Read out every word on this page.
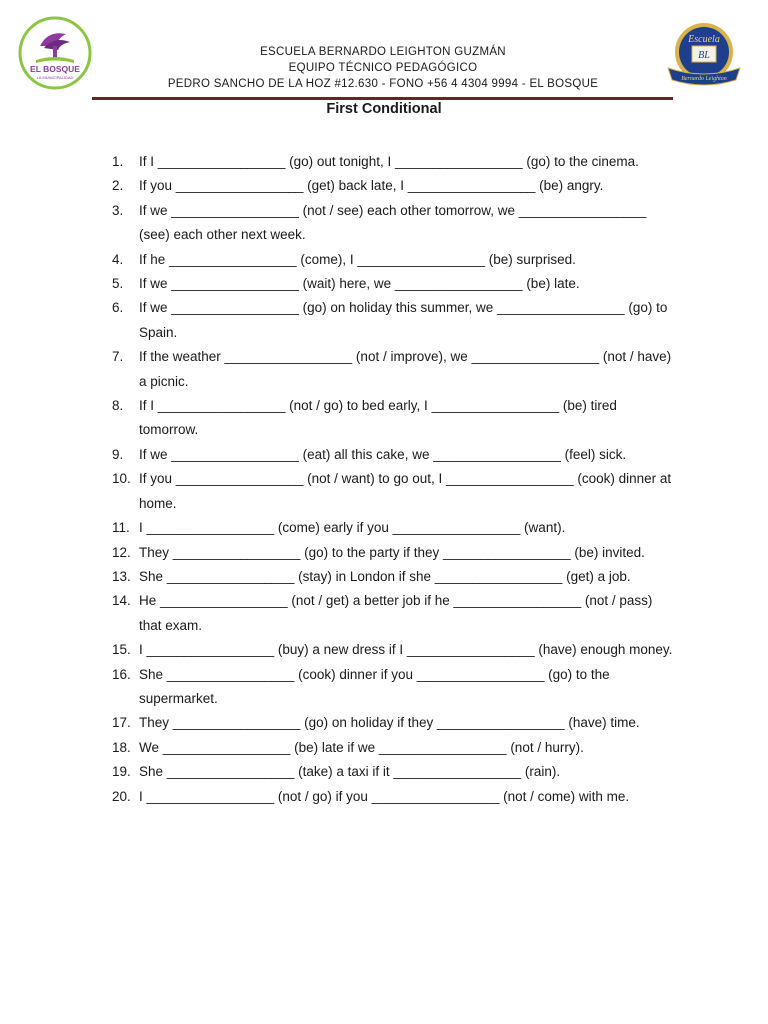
EL BOSQUE
LA MUNICIPALIDAD
ESCUELA BERNARDO LEIGHTON GUZMÁN
EQUIPO TÉCNICO PEDAGÓGICO
PEDRO SANCHO DE LA HOZ #12.630 - FONO +56 4 4304 9994 - EL BOSQUE
Escuela
BL
Bernardo Leighton
First Conditional
1.	If I _________________ (go) out tonight, I _________________ (go) to the cinema.
2.	If you _________________ (get) back late, I _________________ (be) angry.
3.	If we _________________ (not / see) each other tomorrow, we _________________ (see) each other next week.
4.	If he _________________ (come), I _________________ (be) surprised.
5.	If we _________________ (wait) here, we _________________ (be) late.
6.	If we _________________ (go) on holiday this summer, we _________________ (go) to Spain.
7.	If the weather _________________ (not / improve), we _________________ (not / have) a picnic.
8.	If I _________________ (not / go) to bed early, I _________________ (be) tired tomorrow.
9.	If we _________________ (eat) all this cake, we _________________ (feel) sick.
10. If you _________________ (not / want) to go out, I _________________ (cook) dinner at home.
11. I _________________ (come) early if you _________________ (want).
12. They _________________ (go) to the party if they _________________ (be) invited.
13. She _________________ (stay) in London if she _________________ (get) a job.
14. He _________________ (not / get) a better job if he _________________ (not / pass) that exam.
15. I _________________ (buy) a new dress if I _________________ (have) enough money.
16. She _________________ (cook) dinner if you _________________ (go) to the supermarket.
17. They _________________ (go) on holiday if they _________________ (have) time.
18. We _________________ (be) late if we _________________ (not / hurry).
19. She _________________ (take) a taxi if it _________________ (rain).
20. I _________________ (not / go) if you _________________ (not / come) with me.
